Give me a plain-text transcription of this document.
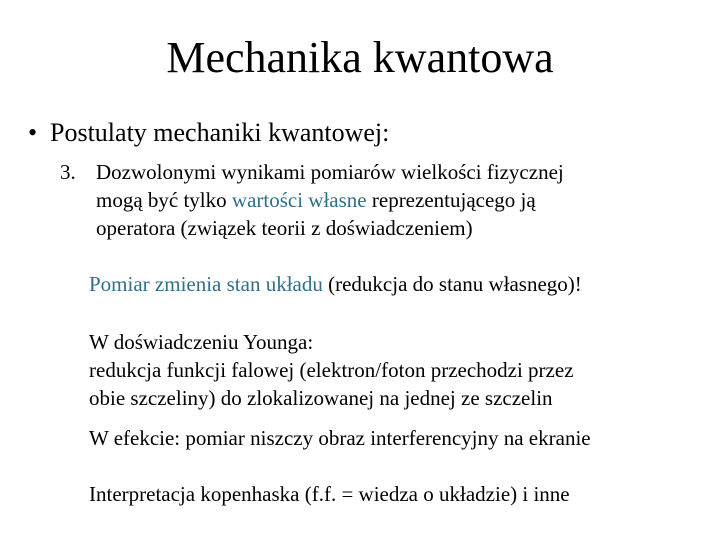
Mechanika kwantowa
• Postulaty mechaniki kwantowej:
3. Dozwolonymi wynikami pomiarów wielkości fizycznej
mogą być tylko wartości własne reprezentującego ją
operatora (związek teorii z doświadczeniem)
Pomiar zmienia stan układu (redukcja do stanu własnego)!
W doświadczeniu Younga:
redukcja funkcji falowej (elektron/foton przechodzi przez
obie szczeliny) do zlokalizowanej na jednej ze szczelin
W efekcie: pomiar niszczy obraz interferencyjny na ekranie
Interpretacja kopenhaska (f.f. = wiedza o układzie) i inne
